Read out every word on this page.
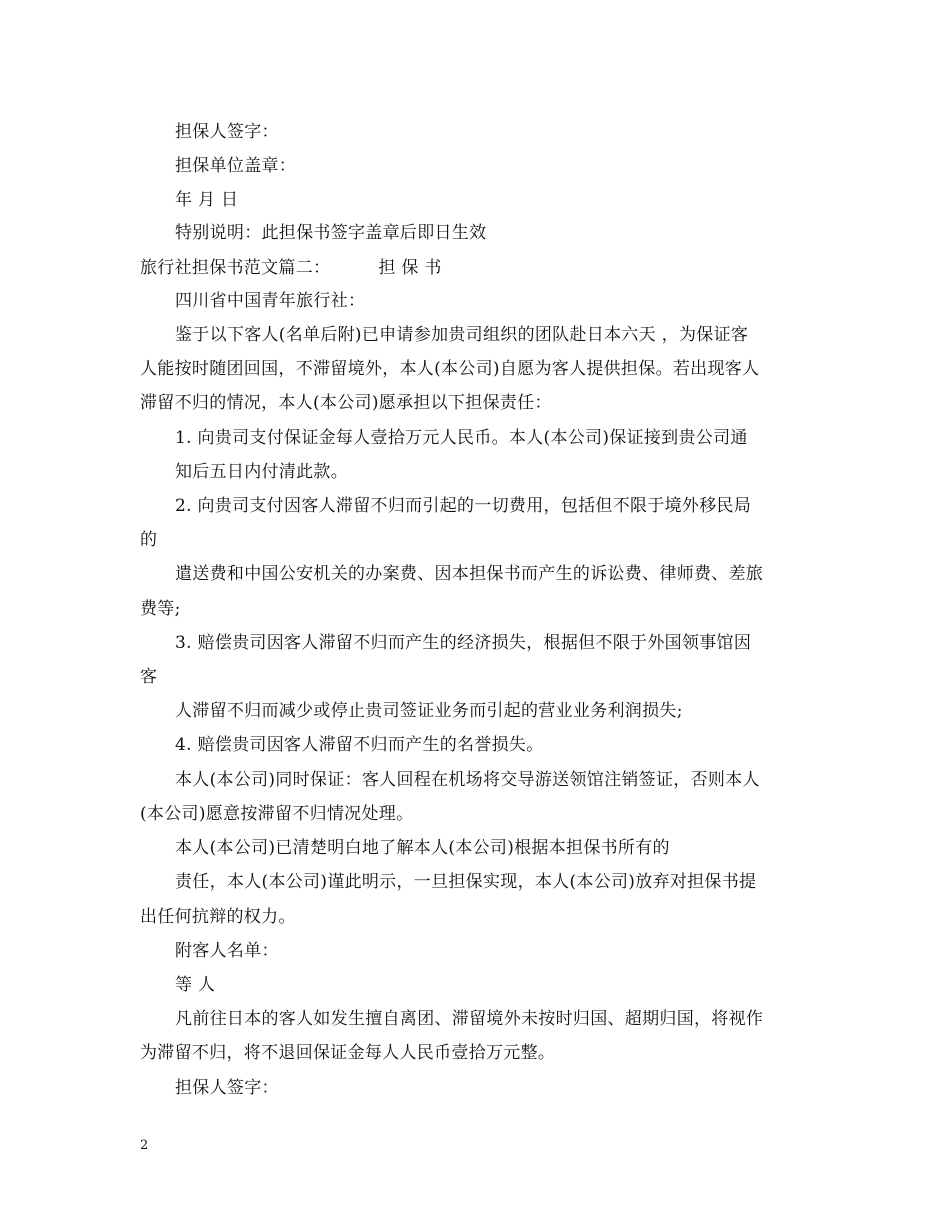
担保人签字：
担保单位盖章：
年 月 日
特别说明：此担保书签字盖章后即日生效
旅行社担保书范文篇二：	担 保 书
四川省中国青年旅行社：
鉴于以下客人(名单后附)已申请参加贵司组织的团队赴日本六天 ，为保证客
人能按时随团回国，不滞留境外，本人(本公司)自愿为客人提供担保。若出现客人
滞留不归的情况，本人(本公司)愿承担以下担保责任：
1. 向贵司支付保证金每人壹拾万元人民币。本人(本公司)保证接到贵公司通
知后五日内付清此款。
2. 向贵司支付因客人滞留不归而引起的一切费用，包括但不限于境外移民局
的
遣送费和中国公安机关的办案费、因本担保书而产生的诉讼费、律师费、差旅
费等;
3. 赔偿贵司因客人滞留不归而产生的经济损失，根据但不限于外国领事馆因
客
人滞留不归而减少或停止贵司签证业务而引起的营业业务利润损失;
4. 赔偿贵司因客人滞留不归而产生的名誉损失。
本人(本公司)同时保证：客人回程在机场将交导游送领馆注销签证，否则本人
(本公司)愿意按滞留不归情况处理。
本人(本公司)已清楚明白地了解本人(本公司)根据本担保书所有的
责任，本人(本公司)谨此明示，一旦担保实现，本人(本公司)放弃对担保书提
出任何抗辩的权力。
附客人名单：
等 人
凡前往日本的客人如发生擅自离团、滞留境外未按时归国、超期归国，将视作
为滞留不归，将不退回保证金每人人民币壹拾万元整。
担保人签字：
2
